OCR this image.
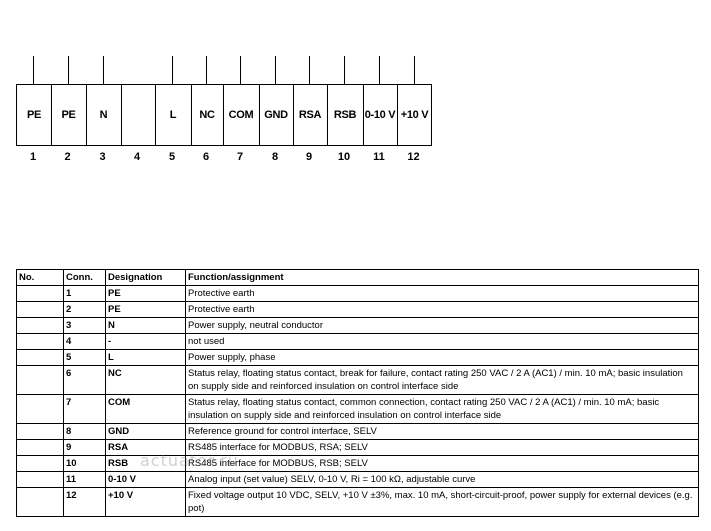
PE	PE	N	L	NC	COM GND	RSA	RSB 0-10 V +10 V
1	2	3	4	5	6	7	8	9	10	11	12
No.	Conn.	Designation	Function/assignment
	1	PE	Protective earth
	2	PE	Protective earth
	3	N	Power supply, neutral conductor
	4	-	not used
	5	L	Power supply, phase
	6	NC	Status relay, floating status contact, break for failure, contact rating 250 VAC / 2 A (AC1) / min. 10 mA; basic insulation on supply side and reinforced insulation on control interface side
	7	COM	Status relay, floating status contact, common connection, contact rating 250 VAC / 2 A (AC1) / min. 10 mA; basic insulation on supply side and reinforced insulation on control interface side
	8	GND	Reference ground for control interface, SELV
	9	RSA	RS485 interface for MODBUS, RSA; SELV
	10	RSB	RS485 interface for MODBUS, RSB; SELV
	11	0-10 V	Analog input (set value) SELV, 0-10 V, Ri = 100 kΩ, adjustable curve
	12	+10 V	Fixed voltage output 10 VDC, SELV, +10 V ±3%, max. 10 mA, short-circuit-proof, power supply for external devices (e.g. pot)
actuator.ru
